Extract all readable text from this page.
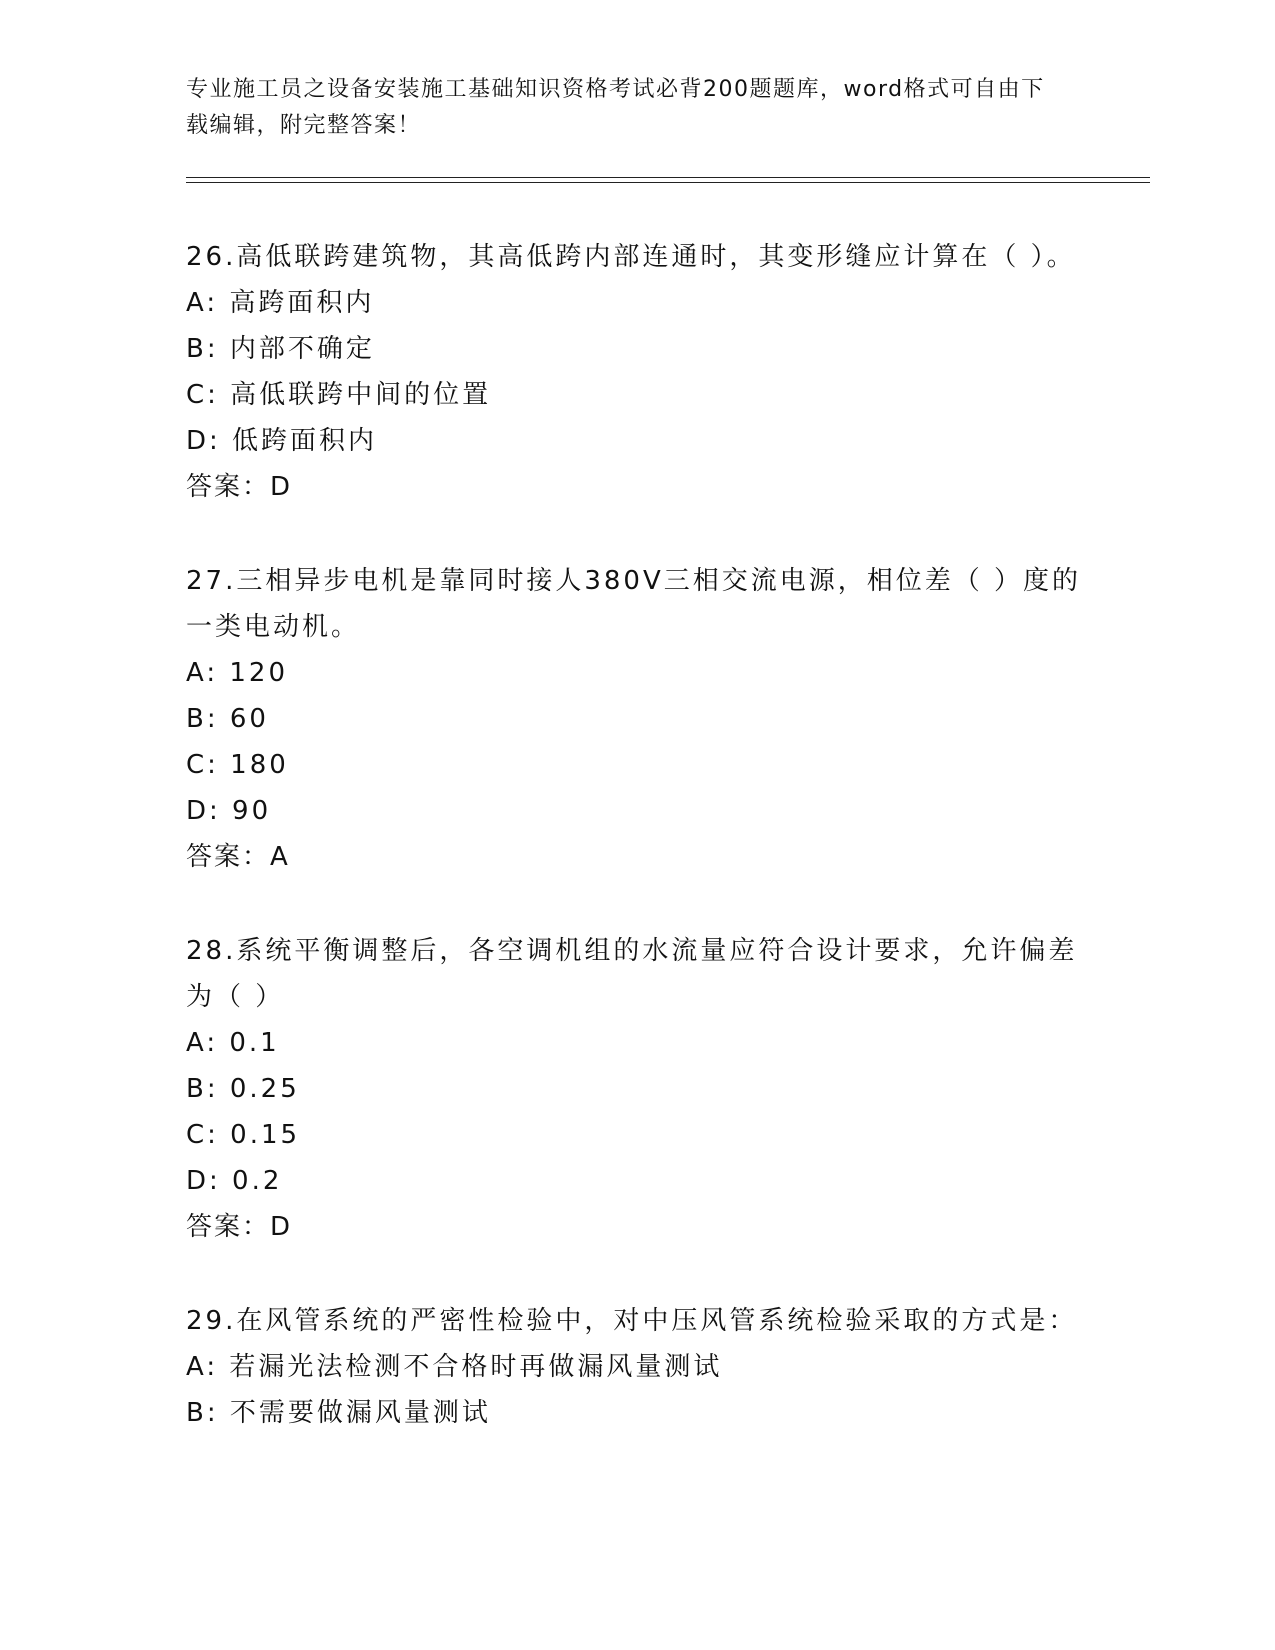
专业施工员之设备安装施工基础知识资格考试必背200题题库，word格式可自由下载编辑，附完整答案！

26.高低联跨建筑物，其高低跨内部连通时，其变形缝应计算在（ ）。

A: 高跨面积内

B: 内部不确定

C: 高低联跨中间的位置

D: 低跨面积内

答案：D

27.三相异步电机是靠同时接人380V三相交流电源，相位差（ ）度的一类电动机。

A: 120

B: 60

C: 180

D: 90

答案：A

28.系统平衡调整后，各空调机组的水流量应符合设计要求，允许偏差为（ ）

A: 0.1

B: 0.25

C: 0.15

D: 0.2

答案：D

29.在风管系统的严密性检验中，对中压风管系统检验采取的方式是：

A: 若漏光法检测不合格时再做漏风量测试

B: 不需要做漏风量测试
